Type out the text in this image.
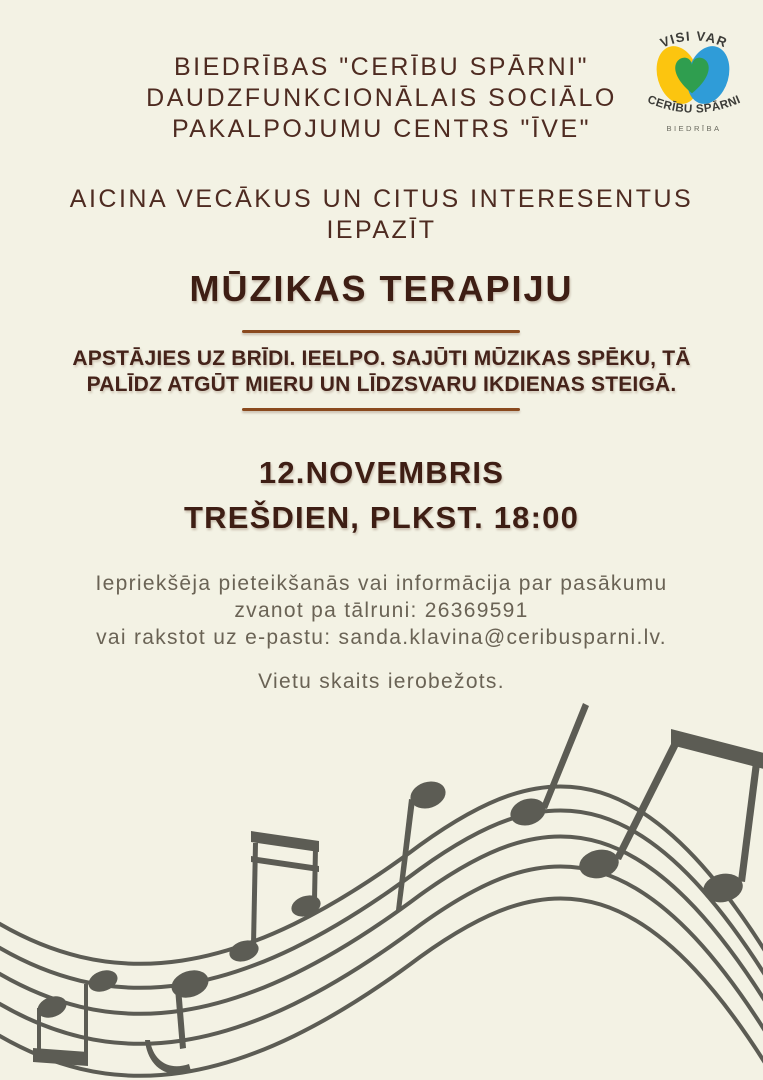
VISI VAR
CERĪBU SPĀRNI
BIEDRĪBA
BIEDRĪBAS "CERĪBU SPĀRNI"
DAUDZFUNKCIONĀLAIS SOCIĀLO
PAKALPOJUMU CENTRS "ĪVE"
AICINA VECĀKUS UN CITUS INTERESENTUS
IEPAZĪT
MŪZIKAS TERAPIJU
APSTĀJIES UZ BRĪDI. IEELPO. SAJŪTI MŪZIKAS SPĒKU, TĀ
PALĪDZ ATGŪT MIERU UN LĪDZSVARU IKDIENAS STEIGĀ.
12.NOVEMBRIS
TREŠDIEN, PLKST. 18:00
Iepriekšēja pieteikšanās vai informācija par pasākumu
zvanot pa tālruni: 26369591
vai rakstot uz e-pastu: sanda.klavina@ceribusparni.lv.
Vietu skaits ierobežots.
